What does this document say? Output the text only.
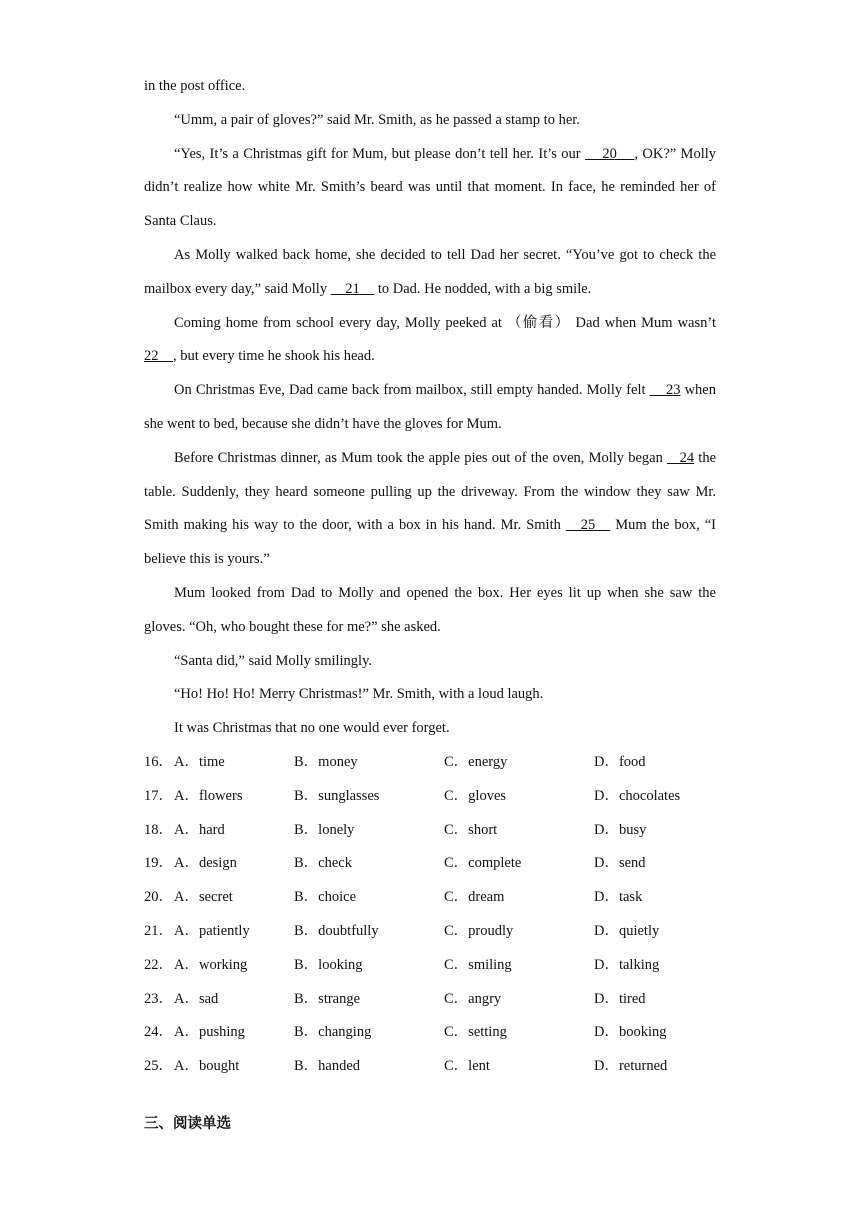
in the post office.

“Umm, a pair of gloves?” said Mr. Smith, as he passed a stamp to her.

“Yes, It’s a Christmas gift for Mum, but please don’t tell her. It’s our     20    , OK?” Molly didn’t realize how white Mr. Smith’s beard was until that moment. In face, he reminded her of Santa Claus.

As Molly walked back home, she decided to tell Dad her secret. “You’ve got to check the mailbox every day,” said Molly     21     to Dad. He nodded, with a big smile.

Coming home from school every day, Molly peeked at （偷看） Dad when Mum wasn’t 22    , but every time he shook his head.

On Christmas Eve, Dad came back from mailbox, still empty handed. Molly felt     23 when she went to bed, because she didn’t have the gloves for Mum.

Before Christmas dinner, as Mum took the apple pies out of the oven, Molly began    24 the table. Suddenly, they heard someone pulling up the driveway. From the window they saw Mr. Smith making his way to the door, with a box in his hand. Mr. Smith    25    Mum the box, “I believe this is yours.”

Mum looked from Dad to Molly and opened the box. Her eyes lit up when she saw the gloves. “Oh, who bought these for me?” she asked.

“Santa did,” said Molly smilingly.

“Ho! Ho! Ho! Merry Christmas!” Mr. Smith, with a loud laugh.

It was Christmas that no one would ever forget.

16． A．time	B．money	C．energy	D．food
17． A．flowers	B．sunglasses	C．gloves	D．chocolates
18． A．hard	B．lonely	C．short	D．busy
19． A．design	B．check	C．complete	D．send
20． A．secret	B．choice	C．dream	D．task
21． A．patiently	B．doubtfully	C．proudly	D．quietly
22． A．working	B．looking	C．smiling	D．talking
23． A．sad	B．strange	C．angry	D．tired
24． A．pushing	B．changing	C．setting	D．booking
25． A．bought	B．handed	C．lent	D．returned
三、阅读单选
